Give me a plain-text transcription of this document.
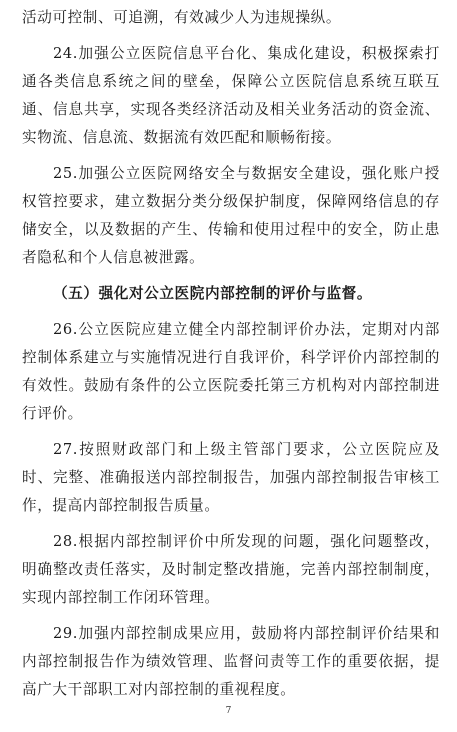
活动可控制、可追溯，有效减少人为违规操纵。

24.加强公立医院信息平台化、集成化建设，积极探索打通各类信息系统之间的壁垒，保障公立医院信息系统互联互通、信息共享，实现各类经济活动及相关业务活动的资金流、实物流、信息流、数据流有效匹配和顺畅衔接。

25.加强公立医院网络安全与数据安全建设，强化账户授权管控要求，建立数据分类分级保护制度，保障网络信息的存储安全，以及数据的产生、传输和使用过程中的安全，防止患者隐私和个人信息被泄露。

（五）强化对公立医院内部控制的评价与监督。

26.公立医院应建立健全内部控制评价办法，定期对内部控制体系建立与实施情况进行自我评价，科学评价内部控制的有效性。鼓励有条件的公立医院委托第三方机构对内部控制进行评价。

27.按照财政部门和上级主管部门要求，公立医院应及时、完整、准确报送内部控制报告，加强内部控制报告审核工作，提高内部控制报告质量。

28.根据内部控制评价中所发现的问题，强化问题整改，明确整改责任落实，及时制定整改措施，完善内部控制制度，实现内部控制工作闭环管理。

29.加强内部控制成果应用，鼓励将内部控制评价结果和内部控制报告作为绩效管理、监督问责等工作的重要依据，提高广大干部职工对内部控制的重视程度。

7
